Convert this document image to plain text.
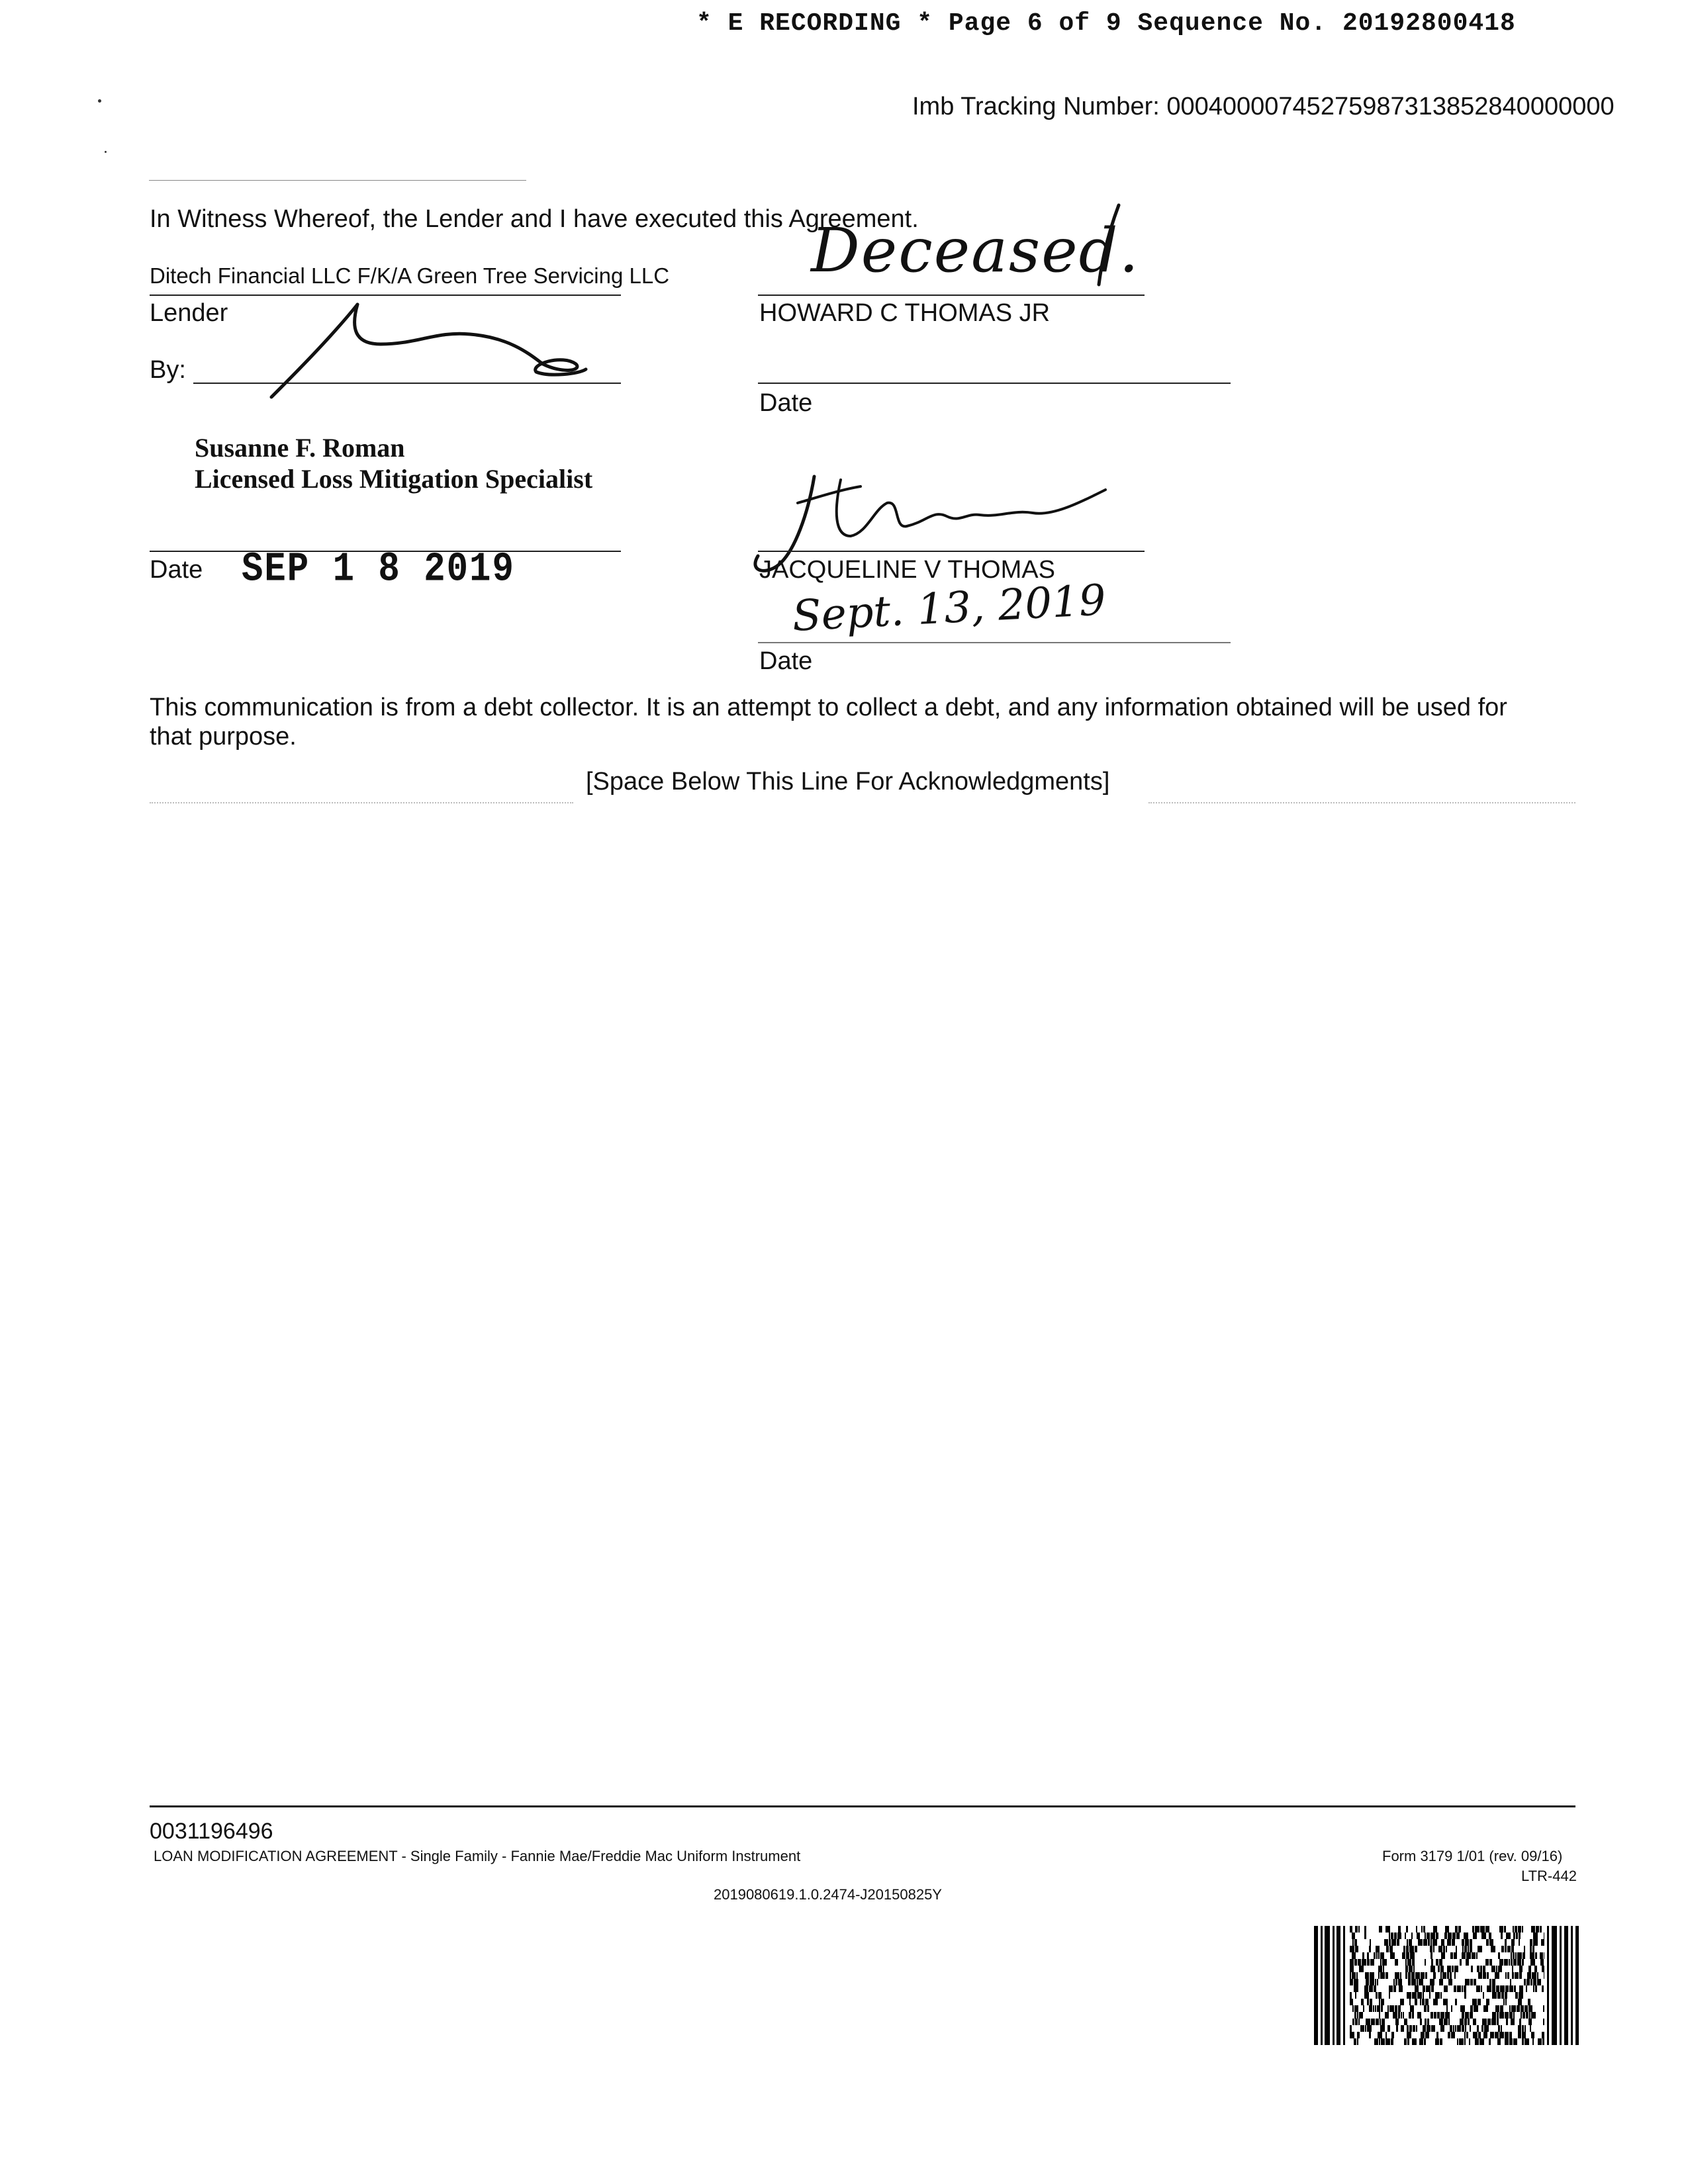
* E RECORDING * Page 6 of 9 Sequence No. 20192800418
Imb Tracking Number: 00040000745275987313852840000000
In Witness Whereof, the Lender and I have executed this Agreement.
Ditech Financial LLC F/K/A Green Tree Servicing LLC
Lender
By:
Susanne F. Roman
Licensed Loss Mitigation Specialist
Date SEP 1 8 2019
Deceased.
HOWARD C THOMAS JR
Date
JACQUELINE V THOMAS
Sept. 13, 2019
Date
This communication is from a debt collector. It is an attempt to collect a debt, and any information obtained will be used for
that purpose.
[Space Below This Line For Acknowledgments]
0031196496
LOAN MODIFICATION AGREEMENT - Single Family - Fannie Mae/Freddie Mac Uniform Instrument	Form 3179 1/01 (rev. 09/16)
LTR-442
2019080619.1.0.2474-J20150825Y
